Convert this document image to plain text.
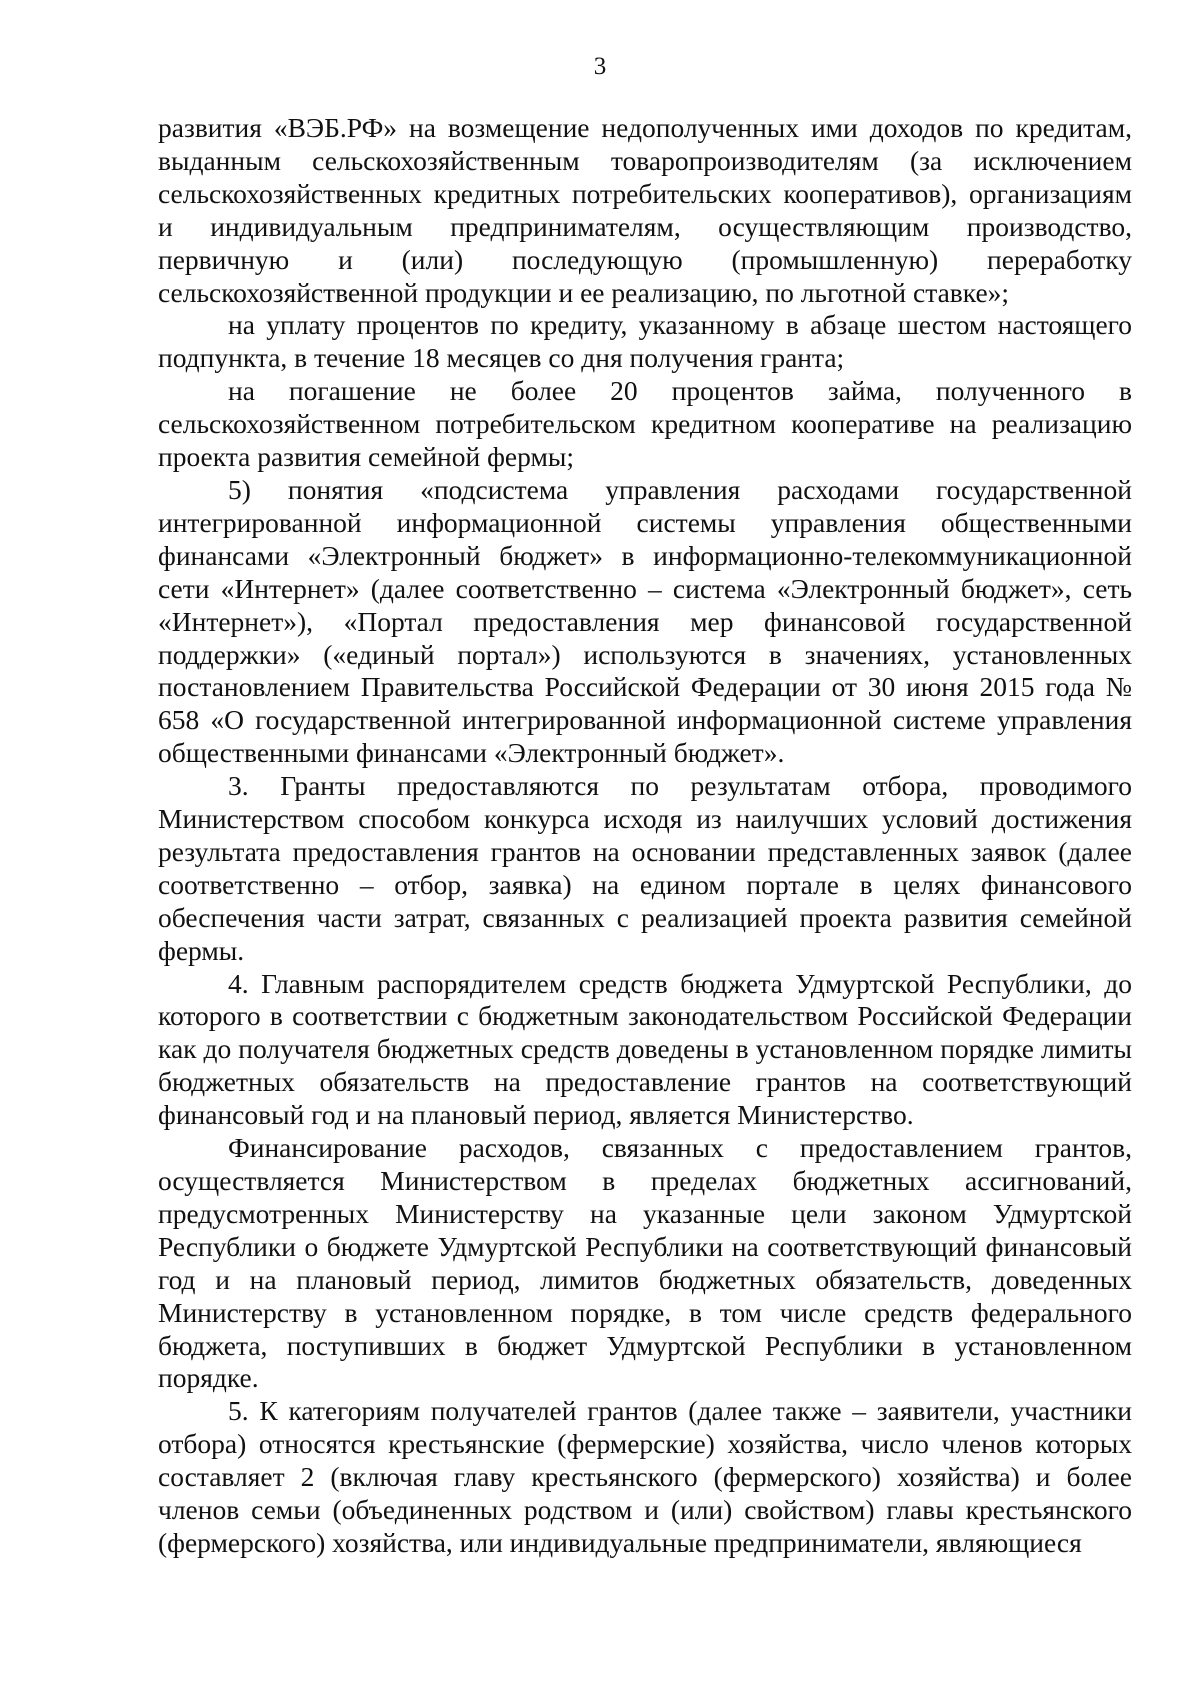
3

развития «ВЭБ.РФ» на возмещение недополученных ими доходов по кредитам, выданным сельскохозяйственным товаропроизводителям (за исключением сельскохозяйственных кредитных потребительских кооперативов), организациям и индивидуальным предпринимателям, осуществляющим производство, первичную и (или) последующую (промышленную) переработку сельскохозяйственной продукции и ее реализацию, по льготной ставке»;

на уплату процентов по кредиту, указанному в абзаце шестом настоящего подпункта, в течение 18 месяцев со дня получения гранта;

на погашение не более 20 процентов займа, полученного в сельскохозяйственном потребительском кредитном кооперативе на реализацию проекта развития семейной фермы;

5) понятия «подсистема управления расходами государственной интегрированной информационной системы управления общественными финансами «Электронный бюджет» в информационно-телекоммуникационной сети «Интернет» (далее соответственно – система «Электронный бюджет», сеть «Интернет»), «Портал предоставления мер финансовой государственной поддержки» («единый портал») используются в значениях, установленных постановлением Правительства Российской Федерации от 30 июня 2015 года № 658 «О государственной интегрированной информационной системе управления общественными финансами «Электронный бюджет».

3. Гранты предоставляются по результатам отбора, проводимого Министерством способом конкурса исходя из наилучших условий достижения результата предоставления грантов на основании представленных заявок (далее соответственно – отбор, заявка) на едином портале в целях финансового обеспечения части затрат, связанных с реализацией проекта развития семейной фермы.

4. Главным распорядителем средств бюджета Удмуртской Республики, до которого в соответствии с бюджетным законодательством Российской Федерации как до получателя бюджетных средств доведены в установленном порядке лимиты бюджетных обязательств на предоставление грантов на соответствующий финансовый год и на плановый период, является Министерство.

Финансирование расходов, связанных с предоставлением грантов, осуществляется Министерством в пределах бюджетных ассигнований, предусмотренных Министерству на указанные цели законом Удмуртской Республики о бюджете Удмуртской Республики на соответствующий финансовый год и на плановый период, лимитов бюджетных обязательств, доведенных Министерству в установленном порядке, в том числе средств федерального бюджета, поступивших в бюджет Удмуртской Республики в установленном порядке.

5. К категориям получателей грантов (далее также – заявители, участники отбора) относятся крестьянские (фермерские) хозяйства, число членов которых составляет 2 (включая главу крестьянского (фермерского) хозяйства) и более членов семьи (объединенных родством и (или) свойством) главы крестьянского (фермерского) хозяйства, или индивидуальные предприниматели, являющиеся
